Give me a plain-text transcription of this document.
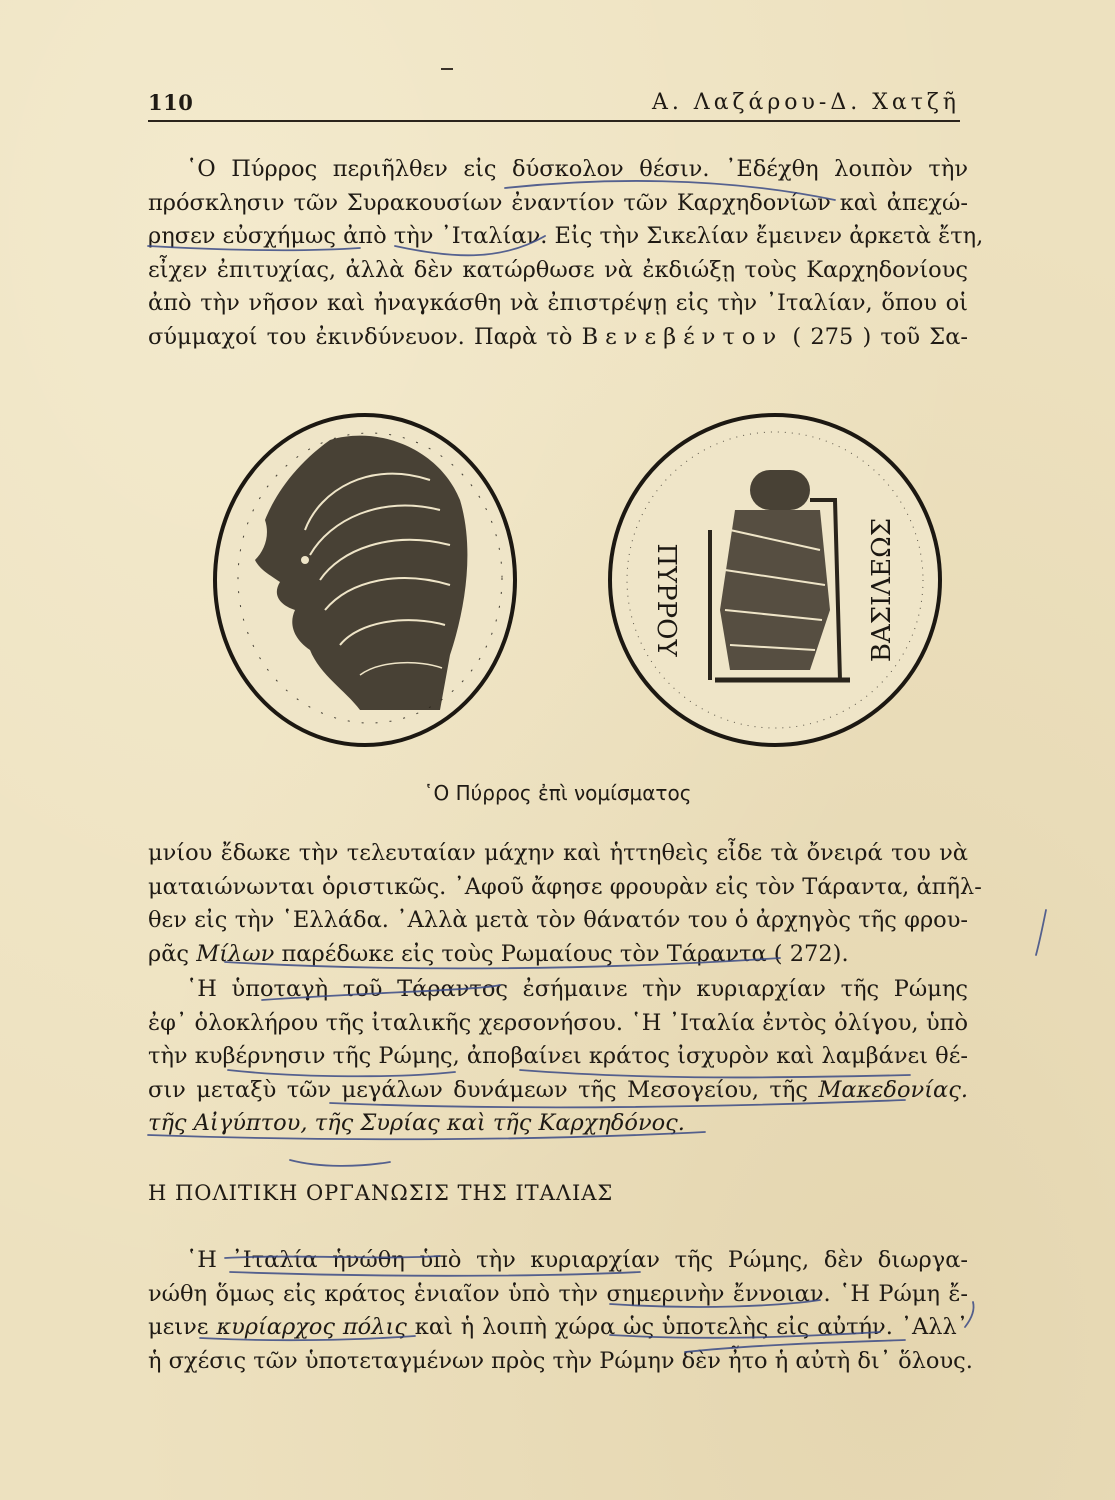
110	Α. Λαζάρου-Δ. Χατζῆ
῾Ο Πύρρος περιῆλθεν εἰς δύσκολον θέσιν. ᾿Εδέχθη λοιπὸν τὴν
πρόσκλησιν τῶν Συρακουσίων ἐναντίον τῶν Καρχηδονίων καὶ ἀπεχώ-
ρησεν εὐσχήμως ἀπὸ τὴν ᾿Ιταλίαν. Εἰς τὴν Σικελίαν ἔμεινεν ἀρκετὰ ἔτη,
εἶχεν ἐπιτυχίας, ἀλλὰ δὲν κατώρθωσε νὰ ἐκδιώξῃ τοὺς Καρχηδονίους
ἀπὸ τὴν νῆσον καὶ ἠναγκάσθη νὰ ἐπιστρέψῃ εἰς τὴν ᾿Ιταλίαν, ὅπου οἱ
σύμμαχοί του ἐκινδύνευον. Παρὰ τὸ Βενεβέντον ( 275 ) τοῦ Σα-
ΠΥΡΡΟΥ	ΒΑΣΙΛΕΩΣ
῾Ο Πύρρος ἐπὶ νομίσματος
μνίου ἔδωκε τὴν τελευταίαν μάχην καὶ ἡττηθεὶς εἶδε τὰ ὄνειρά του νὰ
ματαιώνωνται ὁριστικῶς. ᾿Αφοῦ ἄφησε φρουρὰν εἰς τὸν Τάραντα, ἀπῆλ-
θεν εἰς τὴν ῾Ελλάδα. ᾿Αλλὰ μετὰ τὸν θάνατόν του ὁ ἀρχηγὸς τῆς φρου-
ρᾶς Μίλων παρέδωκε εἰς τοὺς Ρωμαίους τὸν Τάραντα ( 272).
῾Η ὑποταγὴ τοῦ Τάραντος ἐσήμαινε τὴν κυριαρχίαν τῆς Ρώμης
ἐφ᾿ ὁλοκλήρου τῆς ἰταλικῆς χερσονήσου. ῾Η ᾿Ιταλία ἐντὸς ὀλίγου, ὑπὸ
τὴν κυβέρνησιν τῆς Ρώμης, ἀποβαίνει κράτος ἰσχυρὸν καὶ λαμβάνει θέ-
σιν μεταξὺ τῶν μεγάλων δυνάμεων τῆς Μεσογείου, τῆς Μακεδονίας.
τῆς Αἰγύπτου, τῆς Συρίας καὶ τῆς Καρχηδόνος.
Η ΠΟΛΙΤΙΚΗ ΟΡΓΑΝΩΣΙΣ ΤΗΣ ΙΤΑΛΙΑΣ
῾Η ᾿Ιταλία ἡνώθη ὑπὸ τὴν κυριαρχίαν τῆς Ρώμης, δὲν διωργα-
νώθη ὅμως εἰς κράτος ἑνιαῖον ὑπὸ τὴν σημερινὴν ἔννοιαν. ῾Η Ρώμη ἔ-
μεινε κυρίαρχος πόλις καὶ ἡ λοιπὴ χώρα ὡς ὑποτελὴς εἰς αὐτήν. ᾿Αλλ᾿
ἡ σχέσις τῶν ὑποτεταγμένων πρὸς τὴν Ρώμην δὲν ἦτο ἡ αὐτὴ δι᾿ ὅλους.
